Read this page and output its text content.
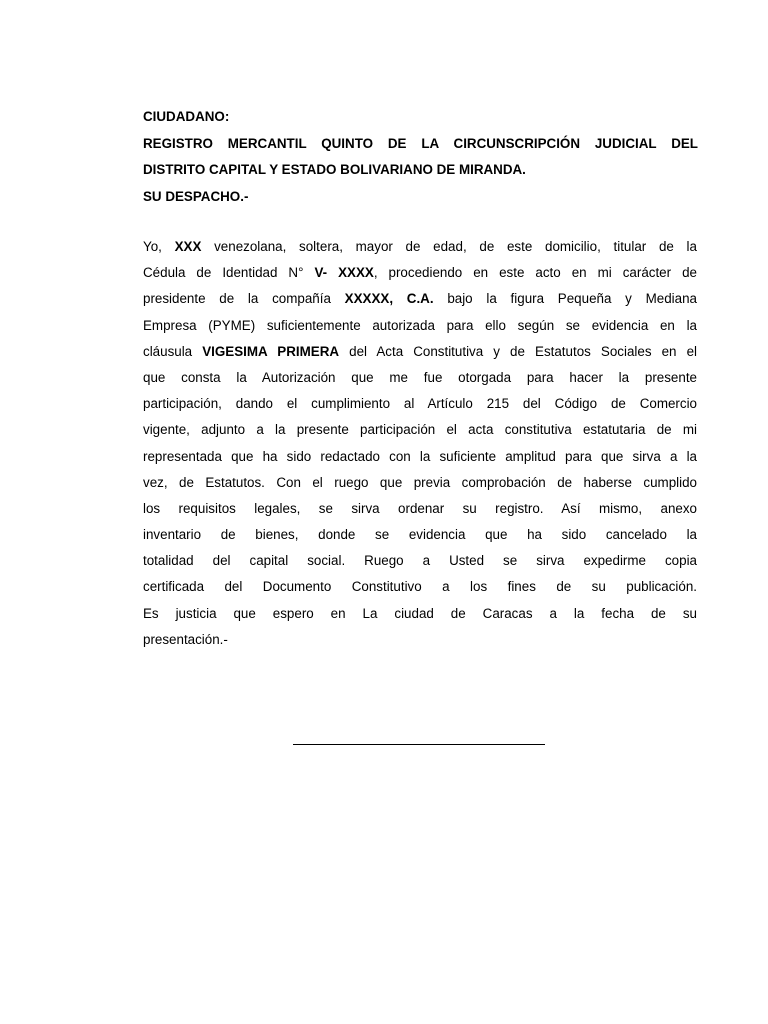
CIUDADANO:
REGISTRO MERCANTIL QUINTO DE LA CIRCUNSCRIPCIÓN JUDICIAL DEL
DISTRITO CAPITAL Y ESTADO BOLIVARIANO DE MIRANDA.
SU DESPACHO.-
Yo, XXX venezolana, soltera, mayor de edad, de este domicilio, titular de la
Cédula de Identidad N° V- XXXX, procediendo en este acto en mi carácter de
presidente de la compañía XXXXX, C.A. bajo la figura Pequeña y Mediana
Empresa (PYME) suficientemente autorizada para ello según se evidencia en la
cláusula VIGESIMA PRIMERA del Acta Constitutiva y de Estatutos Sociales en el
que consta la Autorización que me fue otorgada para hacer la presente
participación, dando el cumplimiento al Artículo 215 del Código de Comercio
vigente, adjunto a la presente participación el acta constitutiva estatutaria de mi
representada que ha sido redactado con la suficiente amplitud para que sirva a la
vez, de Estatutos. Con el ruego que previa comprobación de haberse cumplido
los requisitos legales, se sirva ordenar su registro. Así mismo, anexo
inventario de bienes, donde se evidencia que ha sido cancelado la
totalidad del capital social. Ruego a Usted se sirva expedirme copia
certificada del Documento Constitutivo a los fines de su publicación.
Es justicia que espero en La ciudad de Caracas a la fecha de su
presentación.-
